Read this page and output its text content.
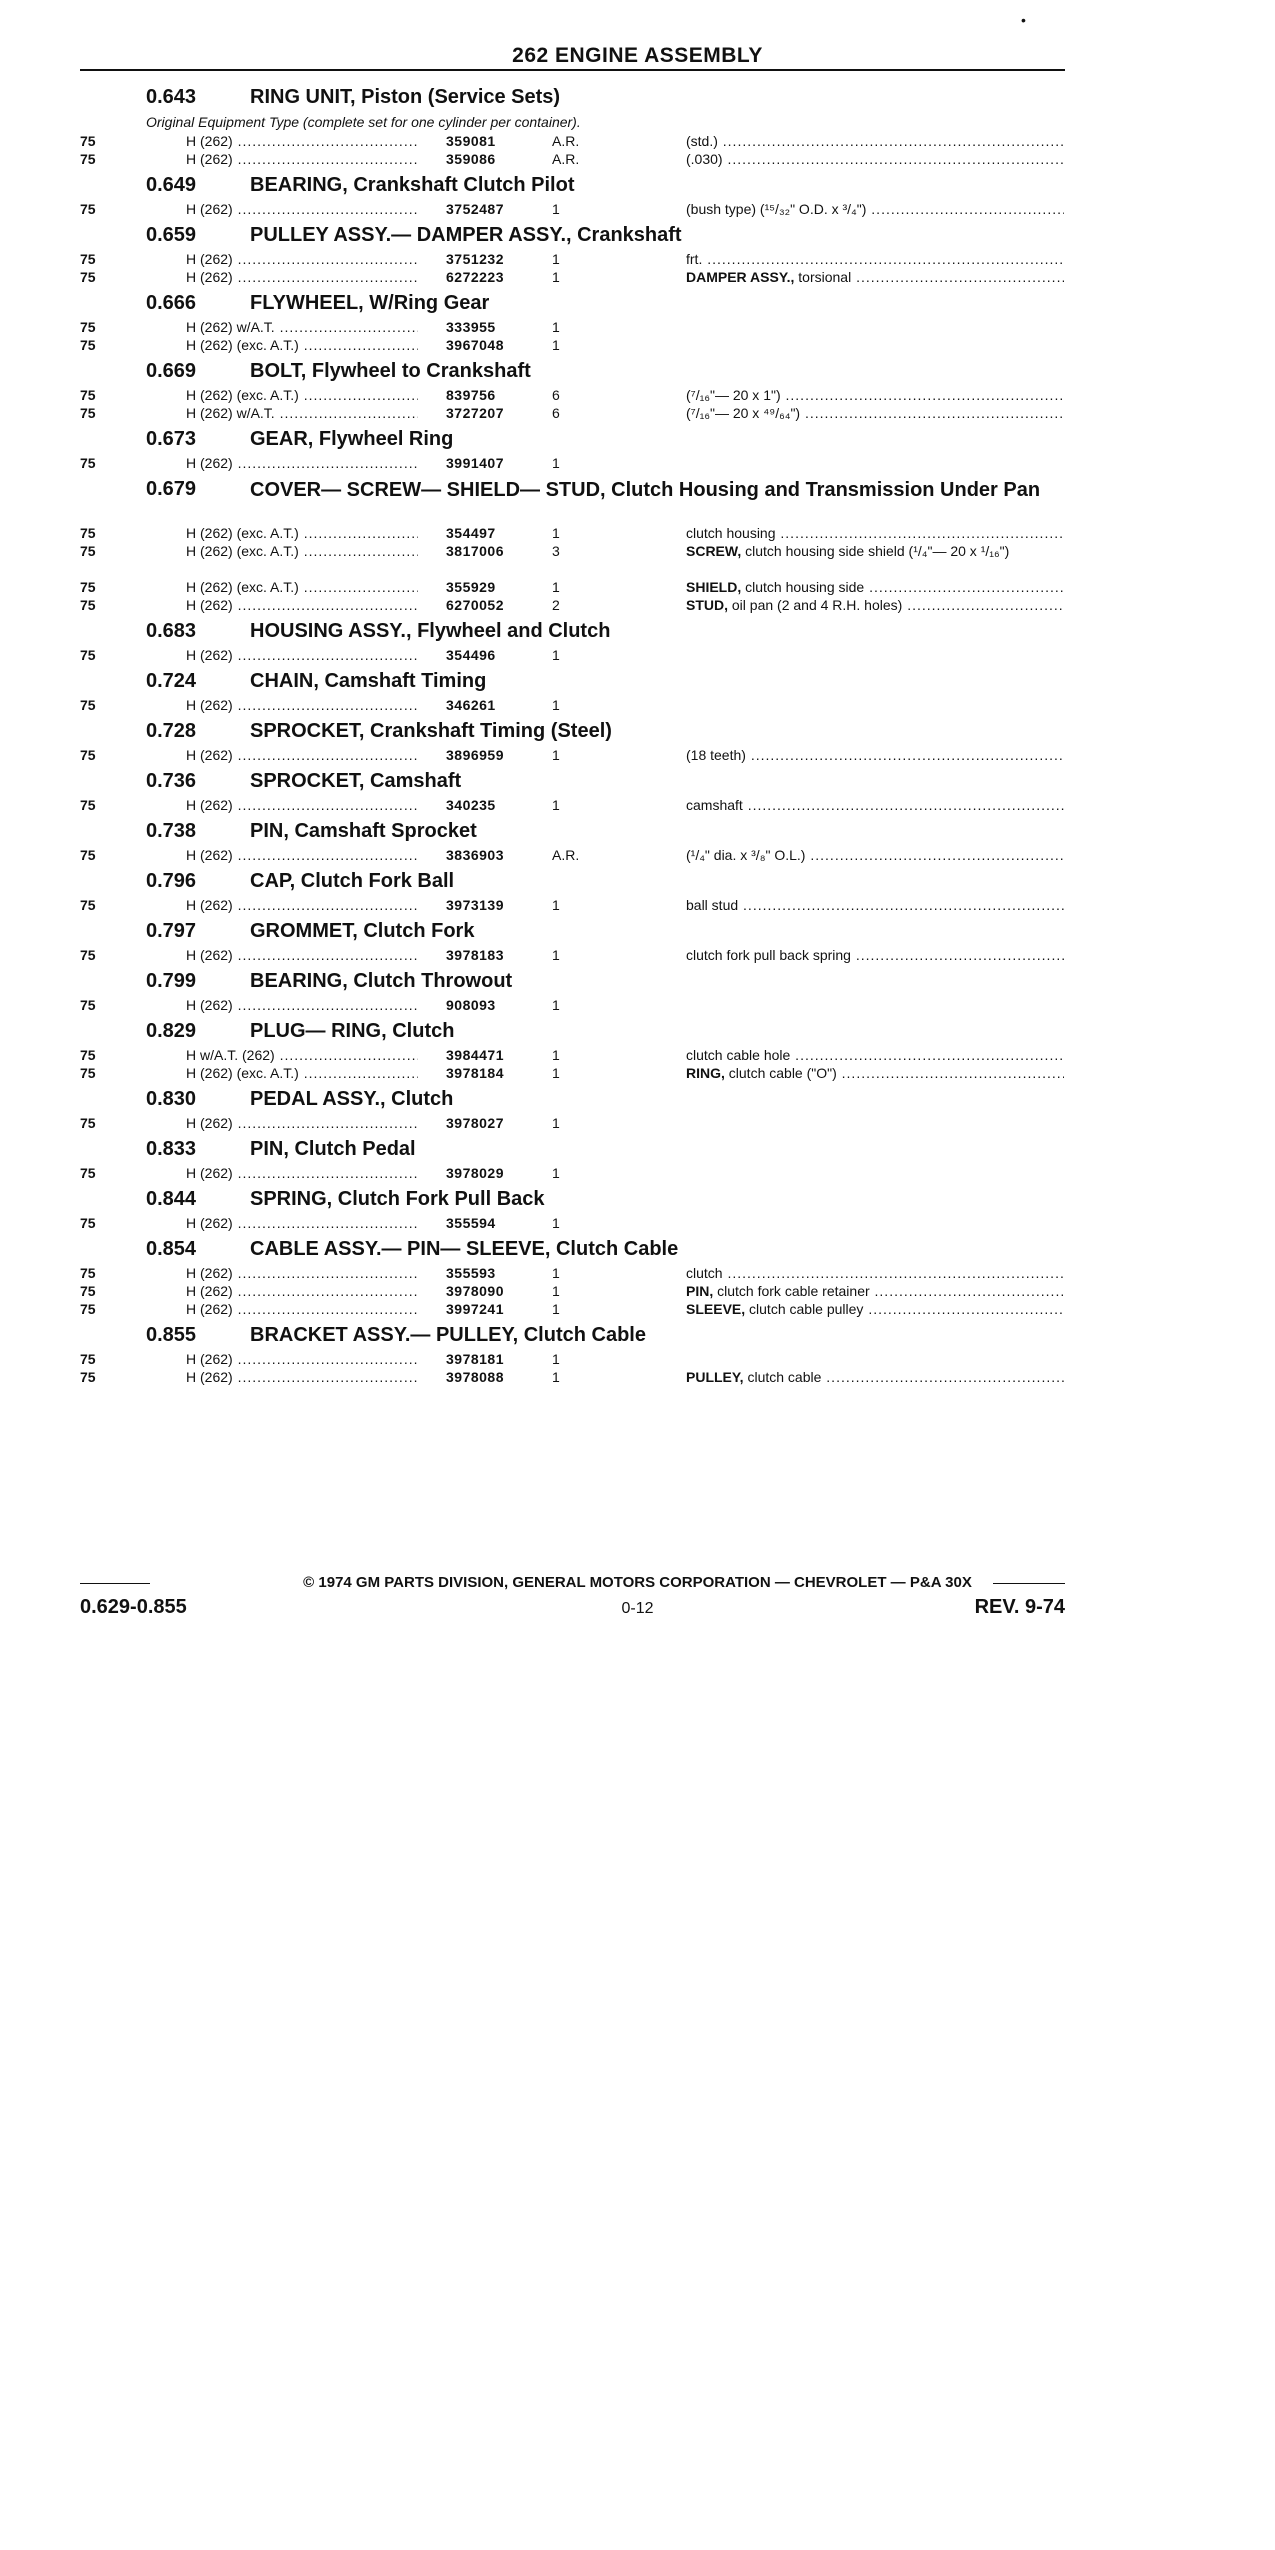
•
262 ENGINE ASSEMBLY
0.643	RING UNIT, Piston (Service Sets)
Original Equipment Type (complete set for one cylinder per container).
75	H (262) .....	359081	A.R.	(std.) .....
75	H (262) .....	359086	A.R.	(.030) .....
0.649	BEARING, Crankshaft Clutch Pilot
75	H (262) .....	3752487	1	(bush type) (¹⁵/₃₂" O.D. x ³/₄") .....
0.659	PULLEY ASSY.— DAMPER ASSY., Crankshaft
75	H (262) .....	3751232	1	frt. .....
75	H (262) .....	6272223	1	DAMPER ASSY., torsional .....
0.666	FLYWHEEL, W/Ring Gear
75	H (262) w/A.T. .....	333955	1
75	H (262) (exc. A.T.) .....	3967048	1
0.669	BOLT, Flywheel to Crankshaft
75	H (262) (exc. A.T.) .....	839756	6	(⁷/₁₆"— 20 x 1") .....
75	H (262) w/A.T. .....	3727207	6	(⁷/₁₆"— 20 x ⁴⁹/₆₄") .....
0.673	GEAR, Flywheel Ring
75	H (262) .....	3991407	1
0.679	COVER— SCREW— SHIELD— STUD, Clutch Housing and Transmission Under Pan
75	H (262) (exc. A.T.) .....	354497	1	clutch housing .....
75	H (262) (exc. A.T.) .....	3817006	3	SCREW, clutch housing side shield (¹/₄"— 20 x ¹/₁₆")
75	H (262) (exc. A.T.) .....	355929	1	SHIELD, clutch housing side .....
75	H (262) .....	6270052	2	STUD, oil pan (2 and 4 R.H. holes) .....
0.683	HOUSING ASSY., Flywheel and Clutch
75	H (262) .....	354496	1
0.724	CHAIN, Camshaft Timing
75	H (262) .....	346261	1
0.728	SPROCKET, Crankshaft Timing (Steel)
75	H (262) .....	3896959	1	(18 teeth) .....
0.736	SPROCKET, Camshaft
75	H (262) .....	340235	1	camshaft .....
0.738	PIN, Camshaft Sprocket
75	H (262) .....	3836903	A.R.	(¹/₄" dia. x ³/₈" O.L.) .....
0.796	CAP, Clutch Fork Ball
75	H (262) .....	3973139	1	ball stud .....
0.797	GROMMET, Clutch Fork
75	H (262) .....	3978183	1	clutch fork pull back spring .....
0.799	BEARING, Clutch Throwout
75	H (262) .....	908093	1
0.829	PLUG— RING, Clutch
75	H w/A.T. (262) .....	3984471	1	clutch cable hole .....
75	H (262) (exc. A.T.) .....	3978184	1	RING, clutch cable ("O") .....
0.830	PEDAL ASSY., Clutch
75	H (262) .....	3978027	1
0.833	PIN, Clutch Pedal
75	H (262) .....	3978029	1
0.844	SPRING, Clutch Fork Pull Back
75	H (262) .....	355594	1
0.854	CABLE ASSY.— PIN— SLEEVE, Clutch Cable
75	H (262) .....	355593	1	clutch .....
75	H (262) .....	3978090	1	PIN, clutch fork cable retainer .....
75	H (262) .....	3997241	1	SLEEVE, clutch cable pulley .....
0.855	BRACKET ASSY.— PULLEY, Clutch Cable
75	H (262) .....	3978181	1
75	H (262) .....	3978088	1	PULLEY, clutch cable .....
© 1974 GM PARTS DIVISION, GENERAL MOTORS CORPORATION — CHEVROLET — P&A 30X
0.629-0.855	0-12	REV. 9-74
